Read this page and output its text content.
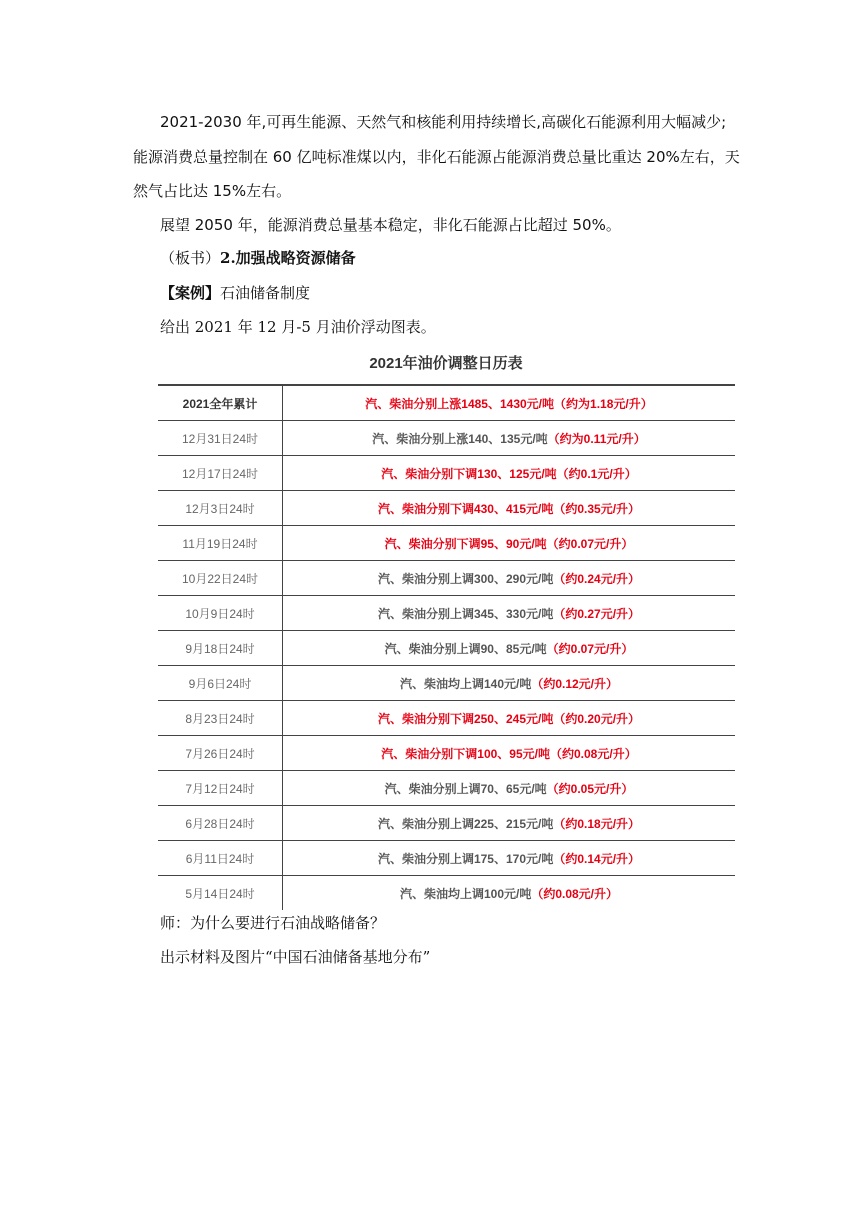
2021-2030 年,可再生能源、天然气和核能利用持续增长,高碳化石能源利用大幅减少;
能源消费总量控制在 60 亿吨标准煤以内，非化石能源占能源消费总量比重达 20%左右，天
然气占比达 15%左右。
展望 2050 年，能源消费总量基本稳定，非化石能源占比超过 50%。
（板书）2.加强战略资源储备
【案例】石油储备制度
给出 2021 年 12 月-5 月油价浮动图表。
2021年油价调整日历表
2021全年累计	汽、柴油分别上涨1485、1430元/吨（约为1.18元/升）
12月31日24时	汽、柴油分别上涨140、135元/吨（约为0.11元/升）
12月17日24时	汽、柴油分别下调130、125元/吨（约0.1元/升）
12月3日24时	汽、柴油分别下调430、415元/吨（约0.35元/升）
11月19日24时	汽、柴油分别下调95、90元/吨（约0.07元/升）
10月22日24时	汽、柴油分别上调300、290元/吨（约0.24元/升）
10月9日24时	汽、柴油分别上调345、330元/吨（约0.27元/升）
9月18日24时	汽、柴油分别上调90、85元/吨（约0.07元/升）
9月6日24时	汽、柴油均上调140元/吨（约0.12元/升）
8月23日24时	汽、柴油分别下调250、245元/吨（约0.20元/升）
7月26日24时	汽、柴油分别下调100、95元/吨（约0.08元/升）
7月12日24时	汽、柴油分别上调70、65元/吨（约0.05元/升）
6月28日24时	汽、柴油分别上调225、215元/吨（约0.18元/升）
6月11日24时	汽、柴油分别上调175、170元/吨（约0.14元/升）
5月14日24时	汽、柴油均上调100元/吨（约0.08元/升）
师：为什么要进行石油战略储备？
出示材料及图片“中国石油储备基地分布”
